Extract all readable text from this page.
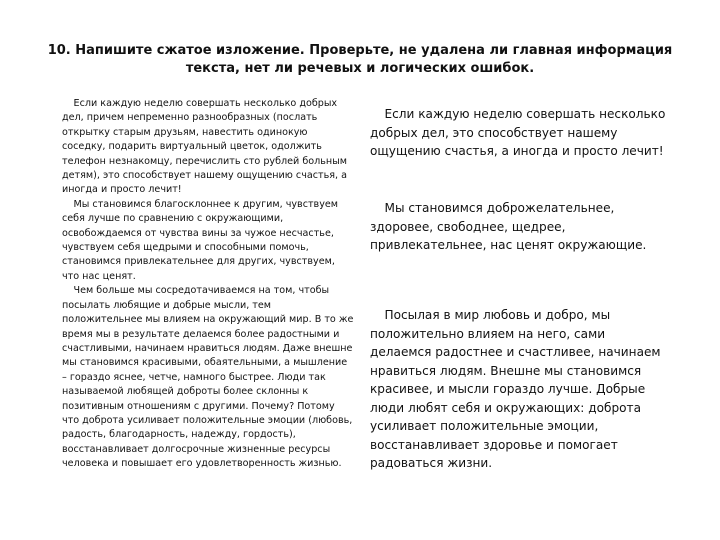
10. Напишите сжатое изложение. Проверьте, не удалена ли главная информация текста, нет ли речевых и логических ошибок.

Если каждую неделю совершать несколько добрых дел, причем непременно разнообразных (послать открытку старым друзьям, навестить одинокую соседку, подарить виртуальный цветок, одолжить телефон незнакомцу, перечислить сто рублей больным детям), это способствует нашему ощущению счастья, а иногда и просто лечит!

Мы становимся благосклоннее к другим, чувствуем себя лучше по сравнению с окружающими, освобождаемся от чувства вины за чужое несчастье, чувствуем себя щедрыми и способными помочь, становимся привлекательнее для других, чувствуем, что нас ценят.

Чем больше мы сосредотачиваемся на том, чтобы посылать любящие и добрые мысли, тем положительнее мы влияем на окружающий мир. В то же время мы в результате делаемся более радостными и счастливыми, начинаем нравиться людям. Даже внешне мы становимся красивыми, обаятельными, а мышление – гораздо яснее, четче, намного быстрее. Люди так называемой любящей доброты более склонны к позитивным отношениям с другими. Почему? Потому что доброта усиливает положительные эмоции (любовь, радость, благодарность, надежду, гордость), восстанавливает долгосрочные жизненные ресурсы человека и повышает его удовлетворенность жизнью.

Если каждую неделю совершать несколько добрых дел, это способствует нашему ощущению счастья, а иногда и просто лечит!

Мы становимся доброжелательнее, здоровее, свободнее, щедрее, привлекательнее, нас ценят окружающие.

Посылая в мир любовь и добро, мы положительно влияем на него, сами делаемся радостнее и счастливее, начинаем нравиться людям. Внешне мы становимся красивее, и мысли гораздо лучше. Добрые люди любят себя и окружающих: доброта усиливает положительные эмоции, восстанавливает здоровье и помогает радоваться жизни.
